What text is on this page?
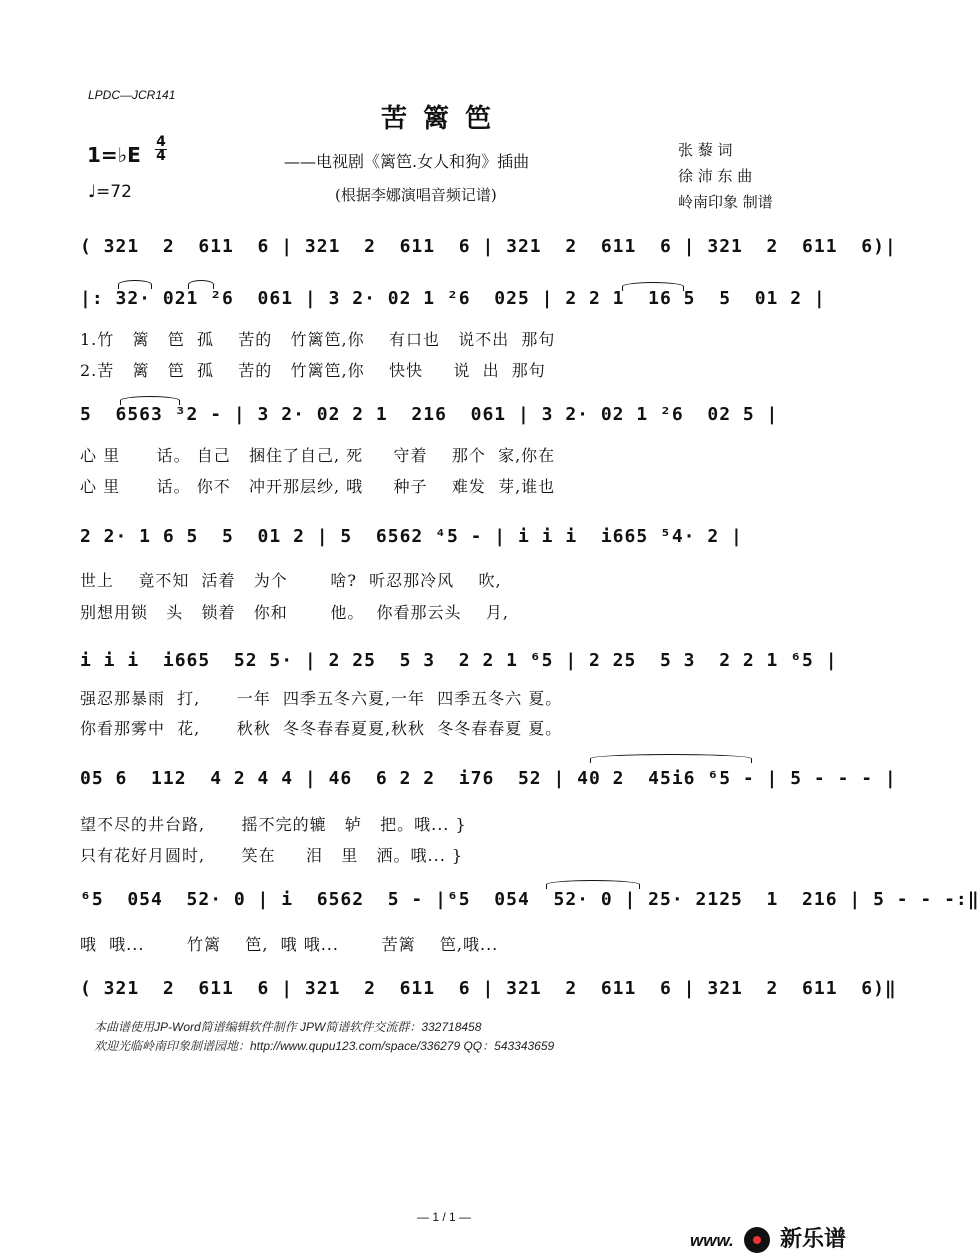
LPDC—JCR141
苦篱笆
1=♭E
4
4
♩=72
——电视剧《篱笆.女人和狗》插曲
(根据李娜演唱音频记谱)
张 藜 词
徐 沛 东 曲
岭南印象 制谱
( 321  2  611  6 | 321  2  611  6 | 321  2  611  6 | 321  2  611  6)|
|: 32· 021 ²6  061 | 3 2· 02 1 ²6  025 | 2 2 1  16 5  5  01 2 |
1.竹   篱   笆  孤    苦的   竹篱笆,你    有口也   说不出  那句
2.苦   篱   笆  孤    苦的   竹篱笆,你    快快     说  出  那句
5  6563 ³2 - | 3 2· 02 2 1  216  061 | 3 2· 02 1 ²6  02 5 |
心 里      话。 自己   捆住了自己, 死     守着    那个  家,你在
心 里      话。 你不   冲开那层纱, 哦     种子    难发  芽,谁也
2 2· 1 6 5  5  01 2 | 5  6562 ⁴5 - | i i i  i665 ⁵4· 2 |
世上    竟不知  活着   为个       啥?  听忍那冷风    吹,
别想用锁   头   锁着   你和       他。  你看那云头    月,
i i i  i665  52 5· | 2 25  5 3  2 2 1 ⁶5 | 2 25  5 3  2 2 1 ⁶5 |
强忍那暴雨  打,      一年  四季五冬六夏,一年  四季五冬六 夏。
你看那雾中  花,      秋秋  冬冬春春夏夏,秋秋  冬冬春春夏 夏。
05 6  112  4 2 4 4 | 46  6 2 2  i76  52 | 40 2  45i6 ⁶5 - | 5 - - - |
望不尽的井台路,      摇不完的辘   轳   把。哦... }
只有花好月圆时,      笑在     泪   里   洒。哦... }
⁶5  054  52· 0 | i  6562  5 - |⁶5  054  52· 0 | 25· 2125  1  216 | 5 - - -:‖
哦  哦...       竹篱    笆,  哦 哦...       苦篱    笆,哦...
( 321  2  611  6 | 321  2  611  6 | 321  2  611  6 | 321  2  611  6)‖
本曲谱使用JP-Word简谱编辑软件制作 JPW简谱软件交流群：332718458
欢迎光临岭南印象制谱园地：http://www.qupu123.com/space/336279 QQ：543343659
— 1 / 1 —
www. 新乐谱
